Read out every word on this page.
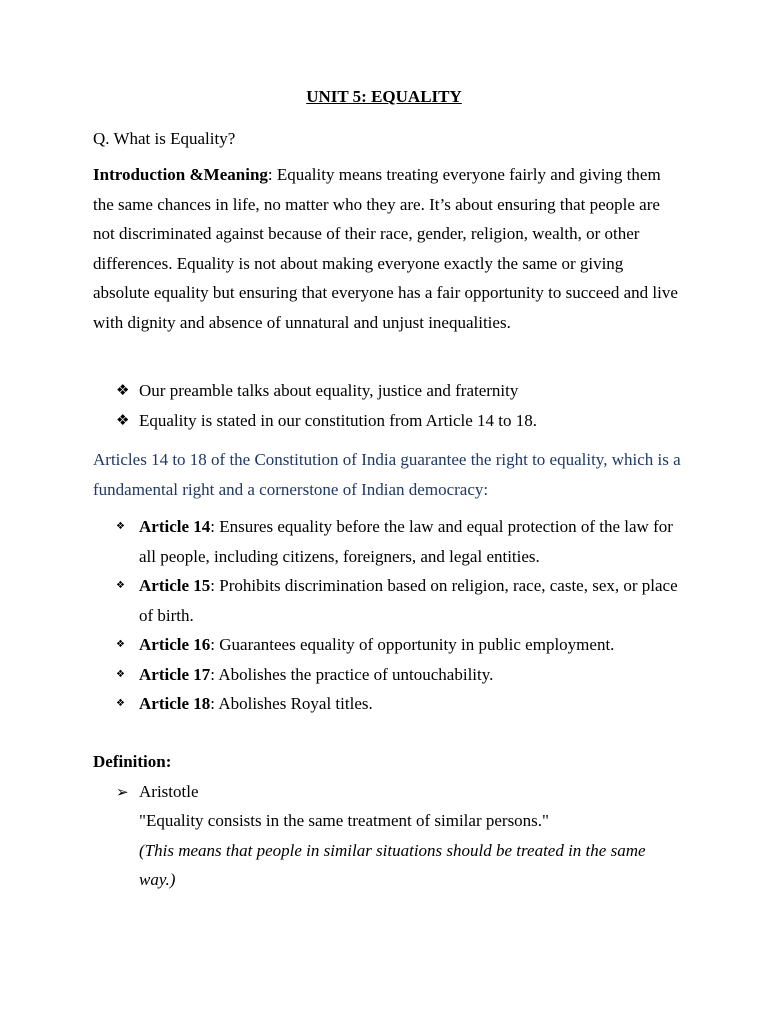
UNIT 5: EQUALITY

Q. What is Equality?

Introduction &Meaning: Equality means treating everyone fairly and giving them the same chances in life, no matter who they are. It’s about ensuring that people are not discriminated against because of their race, gender, religion, wealth, or other differences. Equality is not about making everyone exactly the same or giving absolute equality but ensuring that everyone has a fair opportunity to succeed and live with dignity and absence of unnatural and unjust inequalities.

❖ Our preamble talks about equality, justice and fraternity
❖ Equality is stated in our constitution from Article 14 to 18.

Articles 14 to 18 of the Constitution of India guarantee the right to equality, which is a fundamental right and a cornerstone of Indian democracy:

❖ Article 14: Ensures equality before the law and equal protection of the law for all people, including citizens, foreigners, and legal entities.
❖ Article 15: Prohibits discrimination based on religion, race, caste, sex, or place of birth.
❖ Article 16: Guarantees equality of opportunity in public employment.
❖ Article 17: Abolishes the practice of untouchability.
❖ Article 18: Abolishes Royal titles.
Definition:
➢ Aristotle
"Equality consists in the same treatment of similar persons."
(This means that people in similar situations should be treated in the same way.)
